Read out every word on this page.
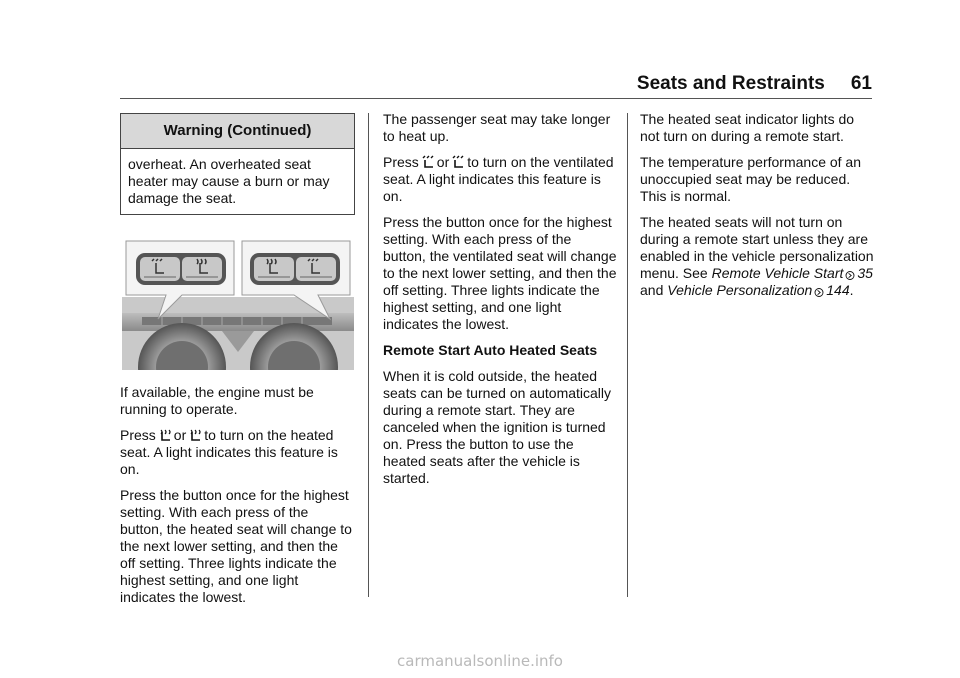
Seats and Restraints 61
Warning (Continued)
overheat. An overheated seat heater may cause a burn or may damage the seat.

If available, the engine must be running to operate.

Press or to turn on the heated seat. A light indicates this feature is on.

Press the button once for the highest setting. With each press of the button, the heated seat will change to the next lower setting, and then the off setting. Three lights indicate the highest setting, and one light indicates the lowest.

The passenger seat may take longer to heat up.

Press or to turn on the ventilated seat. A light indicates this feature is on.

Press the button once for the highest setting. With each press of the button, the ventilated seat will change to the next lower setting, and then the off setting. Three lights indicate the highest setting, and one light indicates the lowest.

Remote Start Auto Heated Seats

When it is cold outside, the heated seats can be turned on automatically during a remote start. They are canceled when the ignition is turned on. Press the button to use the heated seats after the vehicle is started.

The heated seat indicator lights do not turn on during a remote start.

The temperature performance of an unoccupied seat may be reduced. This is normal.

The heated seats will not turn on during a remote start unless they are enabled in the vehicle personalization menu. See Remote Vehicle Start 35 and Vehicle Personalization 144.

carmanualsonline.info
